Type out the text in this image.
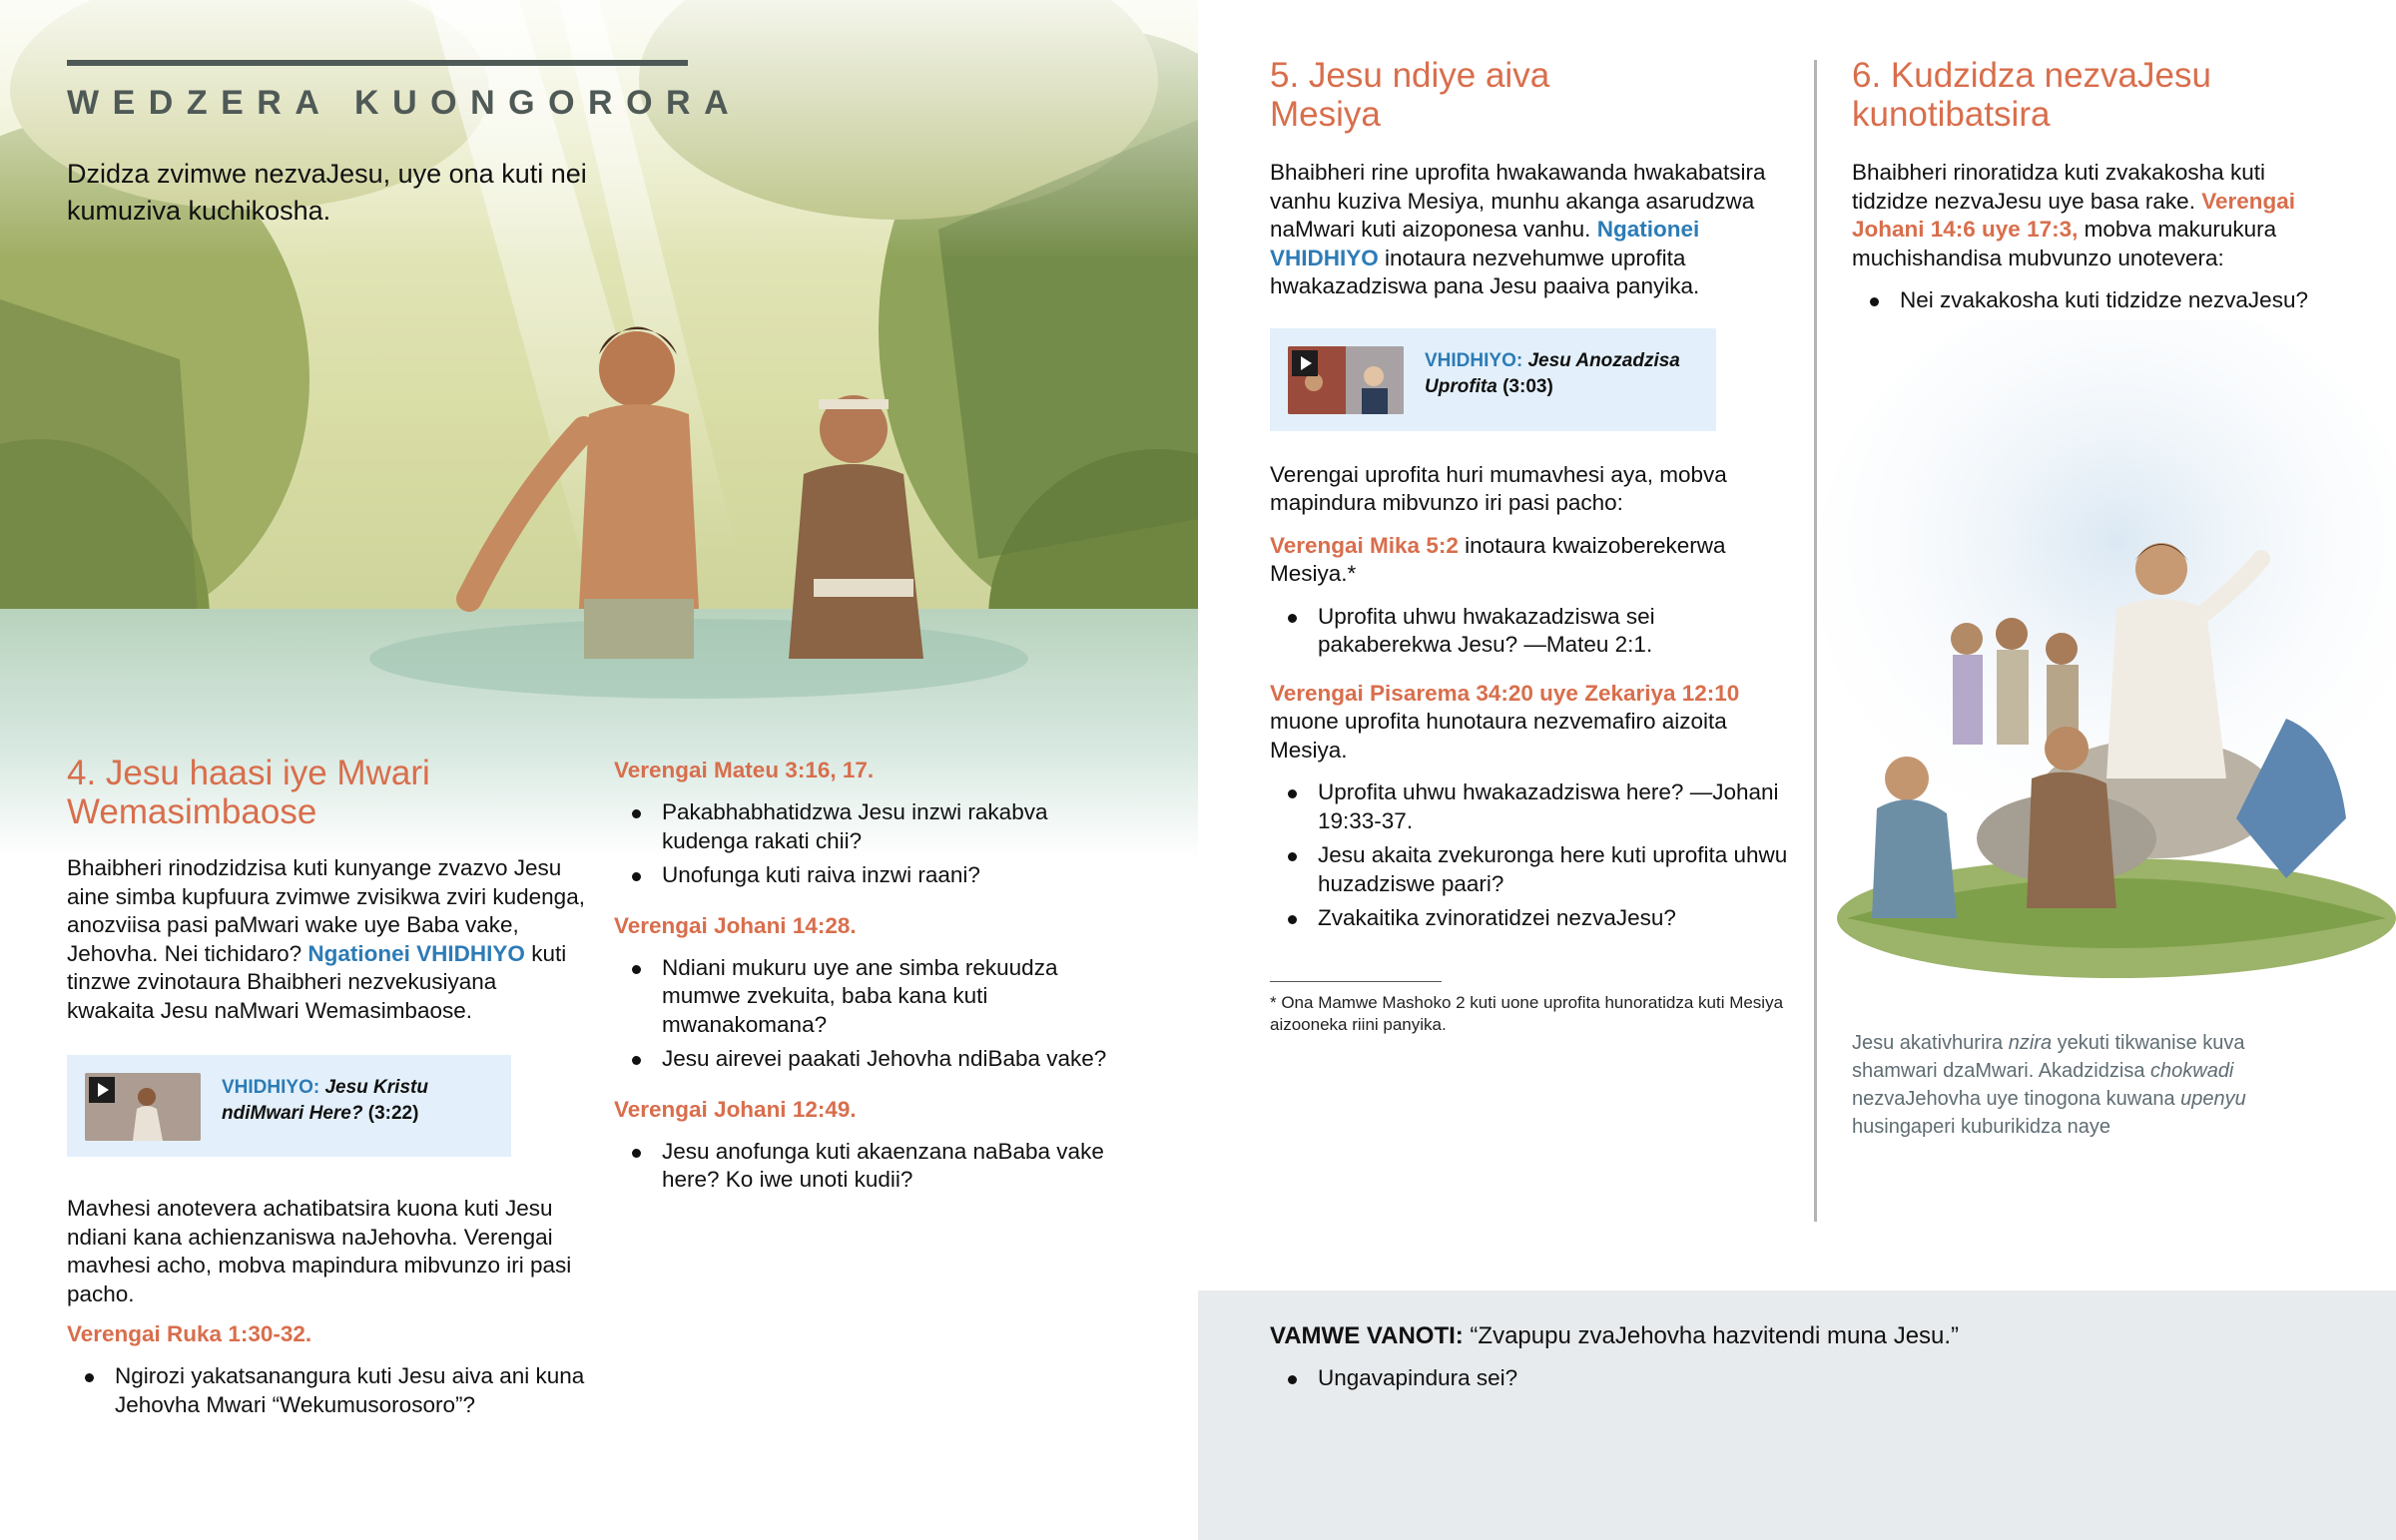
WEDZERA KUONGORORA
Dzidza zvimwe nezvaJesu, uye ona kuti nei kumuziva kuchikosha.
4. Jesu haasi iye Mwari Wemasimbaose
Bhaibheri rinodzidzisa kuti kunyange zvazvo Jesu aine simba kupfuura zvimwe zvisikwa zviri kudenga, anozviisa pasi paMwari wake uye Baba vake, Jehovha. Nei tichidaro? Ngationei VHIDHIYO kuti tinzwe zvinotaura Bhaibheri nezvekusiyana kwakaita Jesu naMwari Wemasimbaose.
VHIDHIYO: Jesu Kristu ndiMwari Here? (3:22)
Mavhesi anotevera achatibatsira kuona kuti Jesu ndiani kana achienzaniswa naJehovha. Verengai mavhesi acho, mobva mapindura mibvunzo iri pasi pacho.
Verengai Ruka 1:30-32.
Ngirozi yakatsanangura kuti Jesu aiva ani kuna Jehovha Mwari “Wekumusorosoro”?
Verengai Mateu 3:16, 17.
Pakabhabhatidzwa Jesu inzwi rakabva kudenga rakati chii?
Unofunga kuti raiva inzwi raani?
Verengai Johani 14:28.
Ndiani mukuru uye ane simba rekuudza mumwe zvekuita, baba kana kuti mwanakomana?
Jesu airevei paakati Jehovha ndiBaba vake?
Verengai Johani 12:49.
Jesu anofunga kuti akaenzana naBaba vake here? Ko iwe unoti kudii?
5. Jesu ndiye aiva Mesiya
Bhaibheri rine uprofita hwakawanda hwakabatsira vanhu kuziva Mesiya, munhu akanga asarudzwa naMwari kuti aizoponesa vanhu. Ngationei VHIDHIYO inotaura nezvehumwe uprofita hwakazadziswa pana Jesu paaiva panyika.
VHIDHIYO: Jesu Anozadzisa Uprofita (3:03)
Verengai uprofita huri mumavhesi aya, mobva mapindura mibvunzo iri pasi pacho:
Verengai Mika 5:2 inotaura kwaizoberekerwa Mesiya.*
Uprofita uhwu hwakazadziswa sei pakaberekwa Jesu? —Mateu 2:1.
Verengai Pisarema 34:20 uye Zekariya 12:10 muone uprofita hunotaura nezvemafiro aizoita Mesiya.
Uprofita uhwu hwakazadziswa here? —Johani 19:33-37.
Jesu akaita zvekuronga here kuti uprofita uhwu huzadziswe paari?
Zvakaitika zvinoratidzei nezvaJesu?
* Ona Mamwe Mashoko 2 kuti uone uprofita hunoratidza kuti Mesiya aizooneka riini panyika.
6. Kudzidza nezvaJesu kunotibatsira
Bhaibheri rinoratidza kuti zvakakosha kuti tidzidze nezvaJesu uye basa rake. Verengai Johani 14:6 uye 17:3, mobva makurukura muchishandisa mubvunzo unotevera:
Nei zvakakosha kuti tidzidze nezvaJesu?
Jesu akativhurira nzira yekuti tikwanise kuva shamwari dzaMwari. Akadzidzisa chokwadi nezvaJehovha uye tinogona kuwana upenyu husingaperi kuburikidza naye
VAMWE VANOTI: “Zvapupu zvaJehovha hazvitendi muna Jesu.”
Ungavapindura sei?
